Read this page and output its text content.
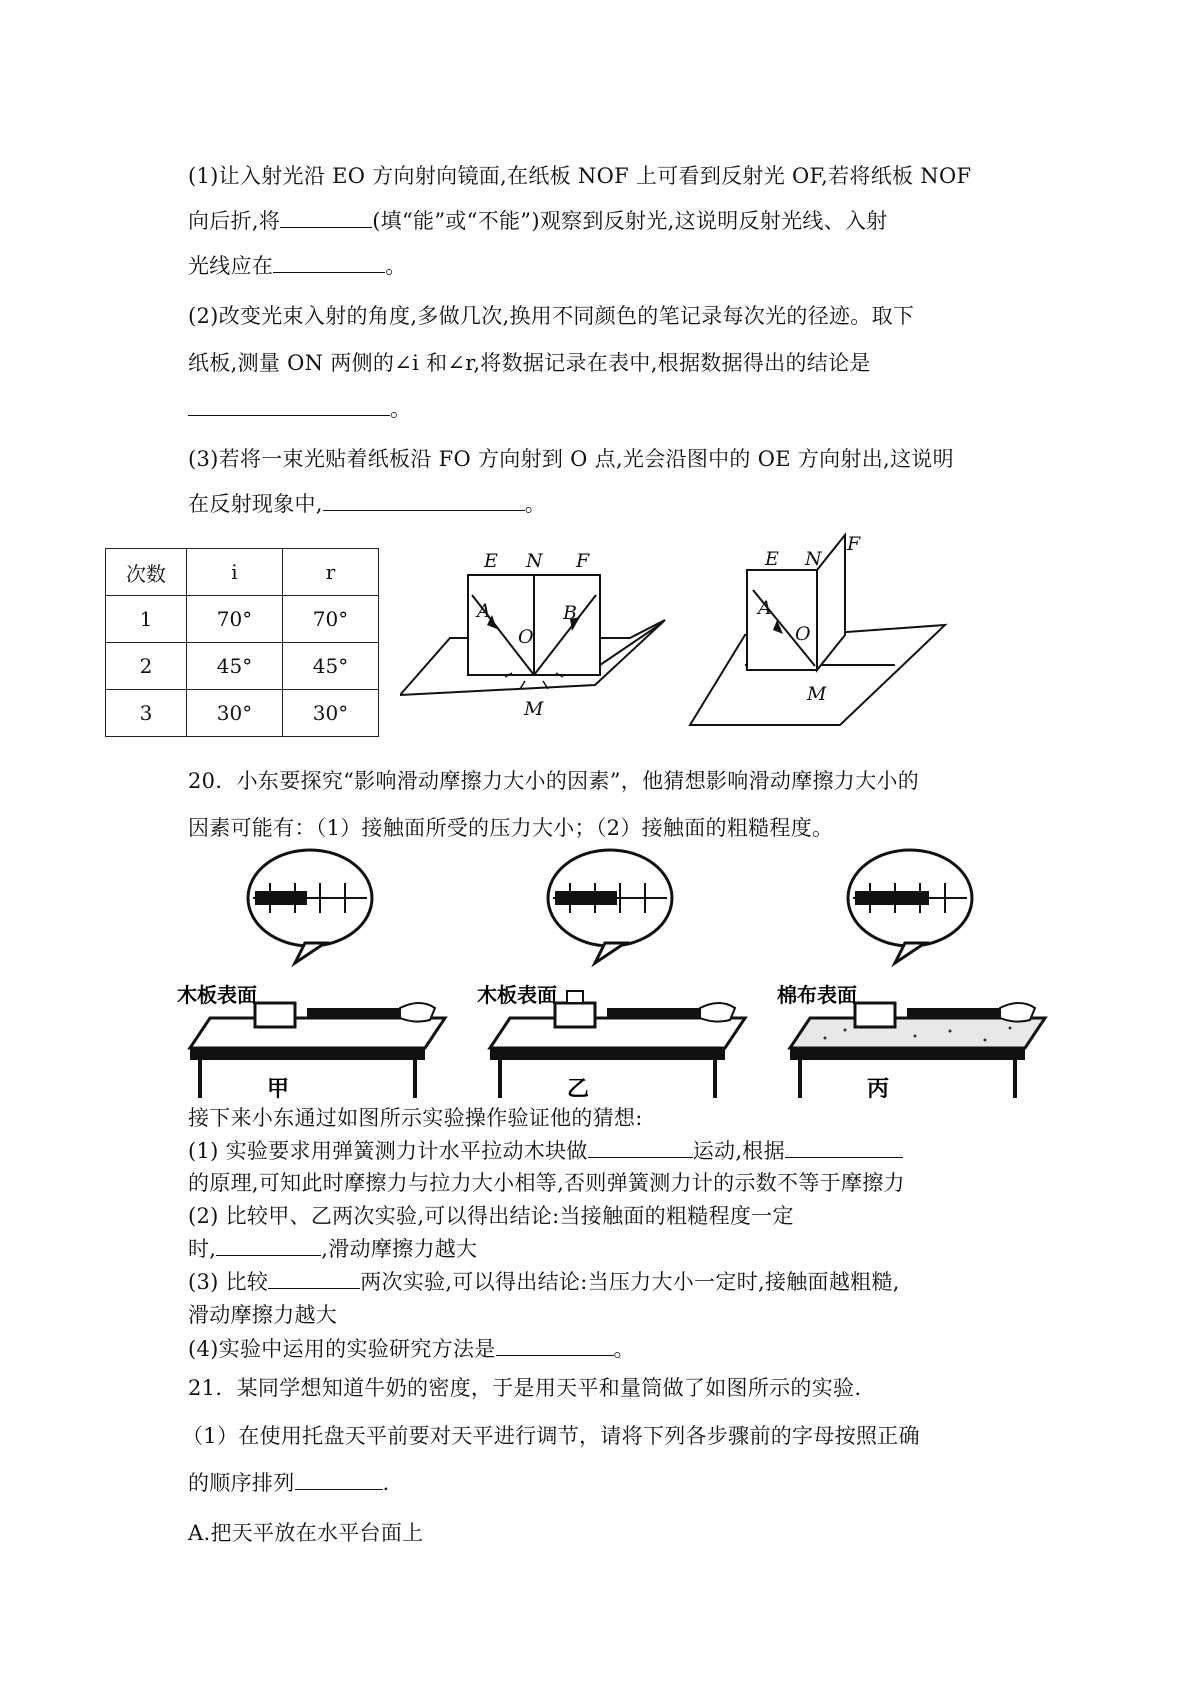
(1)让入射光沿 EO 方向射向镜面,在纸板 NOF 上可看到反射光 OF,若将纸板 NOF
向后折,将	(填“能”或“不能”)观察到反射光,这说明反射光线、入射
光线应在	。
(2)改变光束入射的角度,多做几次,换用不同颜色的笔记录每次光的径迹。取下
纸板,测量 ON 两侧的∠i 和∠r,将数据记录在表中,根据数据得出的结论是
。
(3)若将一束光贴着纸板沿 FO 方向射到 O 点,光会沿图中的 OE 方向射出,这说明
在反射现象中,	。
次数	i	r
1	70°	70°
2	45°	45°
3	30°	30°
E N F
A
O
B
M
E N
F
A
O
M
20．小东要探究“影响滑动摩擦力大小的因素”，他猜想影响滑动摩擦力大小的
因素可能有：（1）接触面所受的压力大小；（2）接触面的粗糙程度。
木板表面
甲
木板表面
乙
棉布表面
丙
接下来小东通过如图所示实验操作验证他的猜想:
(1) 实验要求用弹簧测力计水平拉动木块做	运动,根据
的原理,可知此时摩擦力与拉力大小相等,否则弹簧测力计的示数不等于摩擦力
(2) 比较甲、乙两次实验,可以得出结论:当接触面的粗糙程度一定
时,	,滑动摩擦力越大
(3) 比较	两次实验,可以得出结论:当压力大小一定时,接触面越粗糙,
滑动摩擦力越大
(4)实验中运用的实验研究方法是	。
21．某同学想知道牛奶的密度，于是用天平和量筒做了如图所示的实验.
（1）在使用托盘天平前要对天平进行调节，请将下列各步骤前的字母按照正确
的顺序排列	.
A.把天平放在水平台面上
